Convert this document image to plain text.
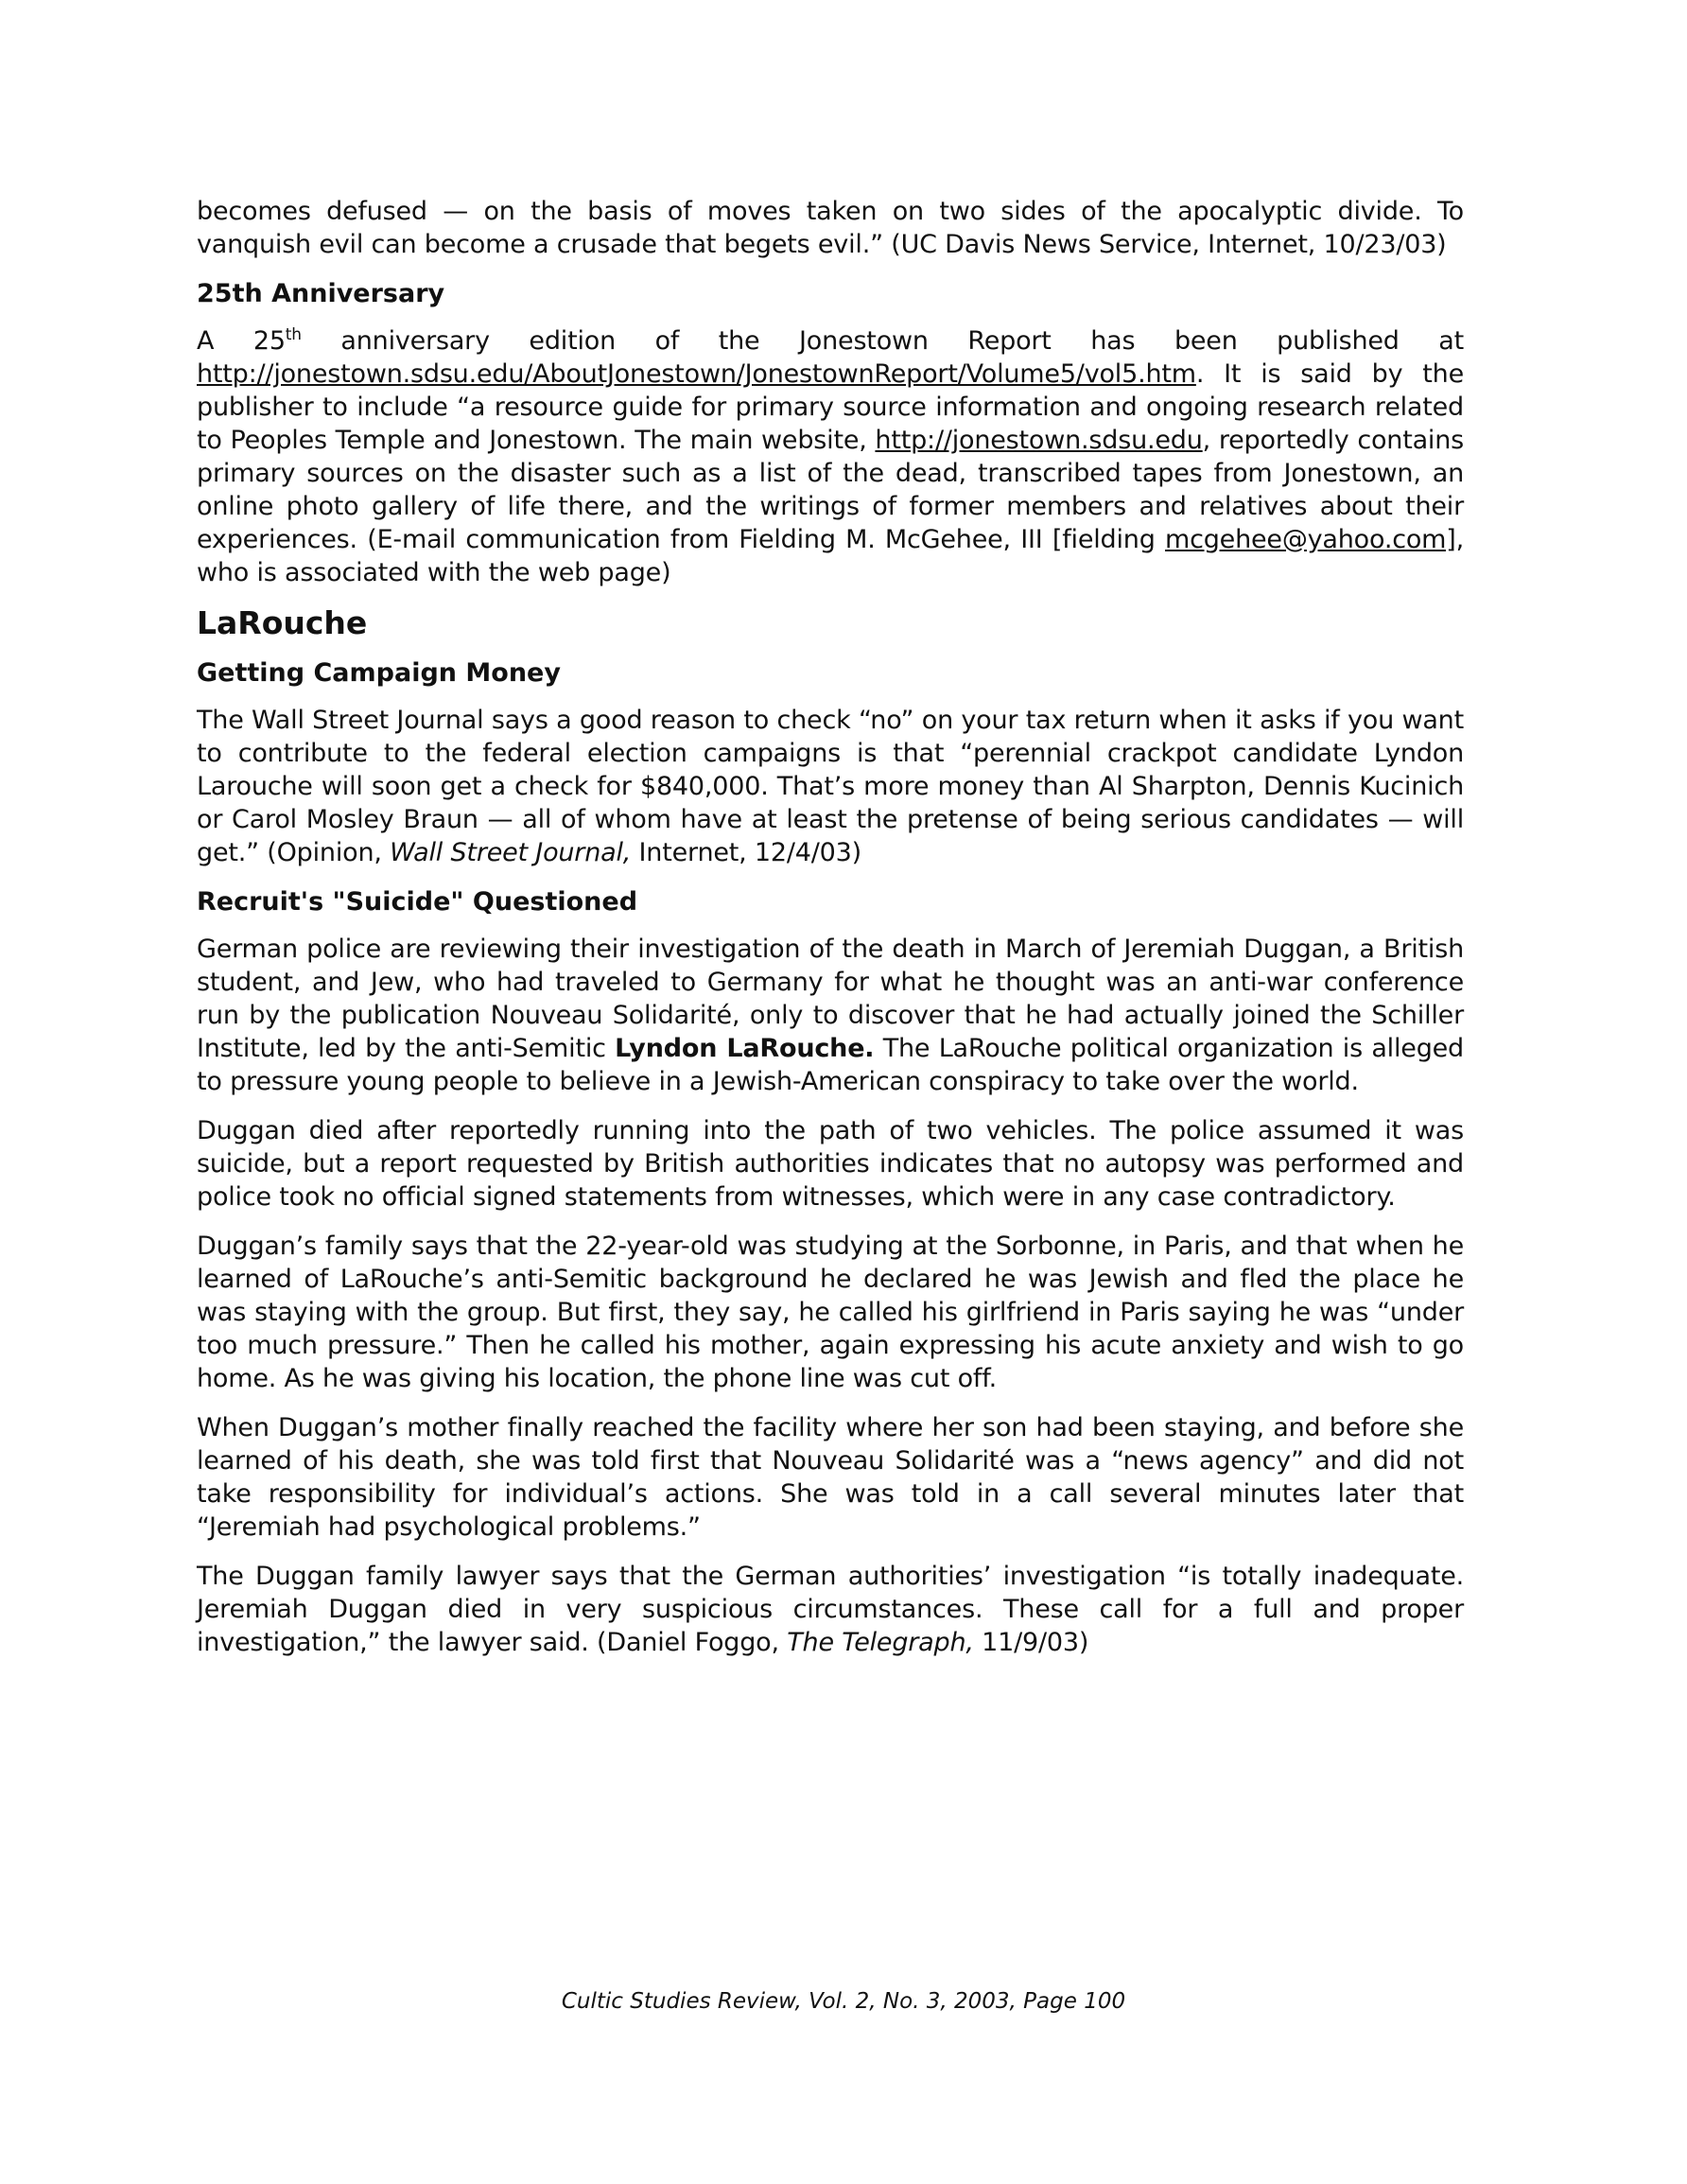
becomes defused — on the basis of moves taken on two sides of the apocalyptic divide. To vanquish evil can become a crusade that begets evil.” (UC Davis News Service, Internet, 10/23/03)

25th Anniversary

A 25th anniversary edition of the Jonestown Report has been published at http://jonestown.sdsu.edu/AboutJonestown/JonestownReport/Volume5/vol5.htm. It is said by the publisher to include “a resource guide for primary source information and ongoing research related to Peoples Temple and Jonestown. The main website, http://jonestown.sdsu.edu, reportedly contains primary sources on the disaster such as a list of the dead, transcribed tapes from Jonestown, an online photo gallery of life there, and the writings of former members and relatives about their experiences. (E-mail communication from Fielding M. McGehee, III [fielding mcgehee@yahoo.com], who is associated with the web page)

LaRouche
Getting Campaign Money

The Wall Street Journal says a good reason to check “no” on your tax return when it asks if you want to contribute to the federal election campaigns is that “perennial crackpot candidate Lyndon Larouche will soon get a check for $840,000. That’s more money than Al Sharpton, Dennis Kucinich or Carol Mosley Braun — all of whom have at least the pretense of being serious candidates — will get.” (Opinion, Wall Street Journal, Internet, 12/4/03)

Recruit's "Suicide" Questioned

German police are reviewing their investigation of the death in March of Jeremiah Duggan, a British student, and Jew, who had traveled to Germany for what he thought was an anti-war conference run by the publication Nouveau Solidarité, only to discover that he had actually joined the Schiller Institute, led by the anti-Semitic Lyndon LaRouche. The LaRouche political organization is alleged to pressure young people to believe in a Jewish-American conspiracy to take over the world.

Duggan died after reportedly running into the path of two vehicles. The police assumed it was suicide, but a report requested by British authorities indicates that no autopsy was performed and police took no official signed statements from witnesses, which were in any case contradictory.

Duggan’s family says that the 22-year-old was studying at the Sorbonne, in Paris, and that when he learned of LaRouche’s anti-Semitic background he declared he was Jewish and fled the place he was staying with the group. But first, they say, he called his girlfriend in Paris saying he was “under too much pressure.” Then he called his mother, again expressing his acute anxiety and wish to go home. As he was giving his location, the phone line was cut off.

When Duggan’s mother finally reached the facility where her son had been staying, and before she learned of his death, she was told first that Nouveau Solidarité was a “news agency” and did not take responsibility for individual’s actions. She was told in a call several minutes later that “Jeremiah had psychological problems.”

The Duggan family lawyer says that the German authorities’ investigation “is totally inadequate. Jeremiah Duggan died in very suspicious circumstances. These call for a full and proper investigation,” the lawyer said. (Daniel Foggo, The Telegraph, 11/9/03)

Cultic Studies Review, Vol. 2, No. 3, 2003, Page 100
